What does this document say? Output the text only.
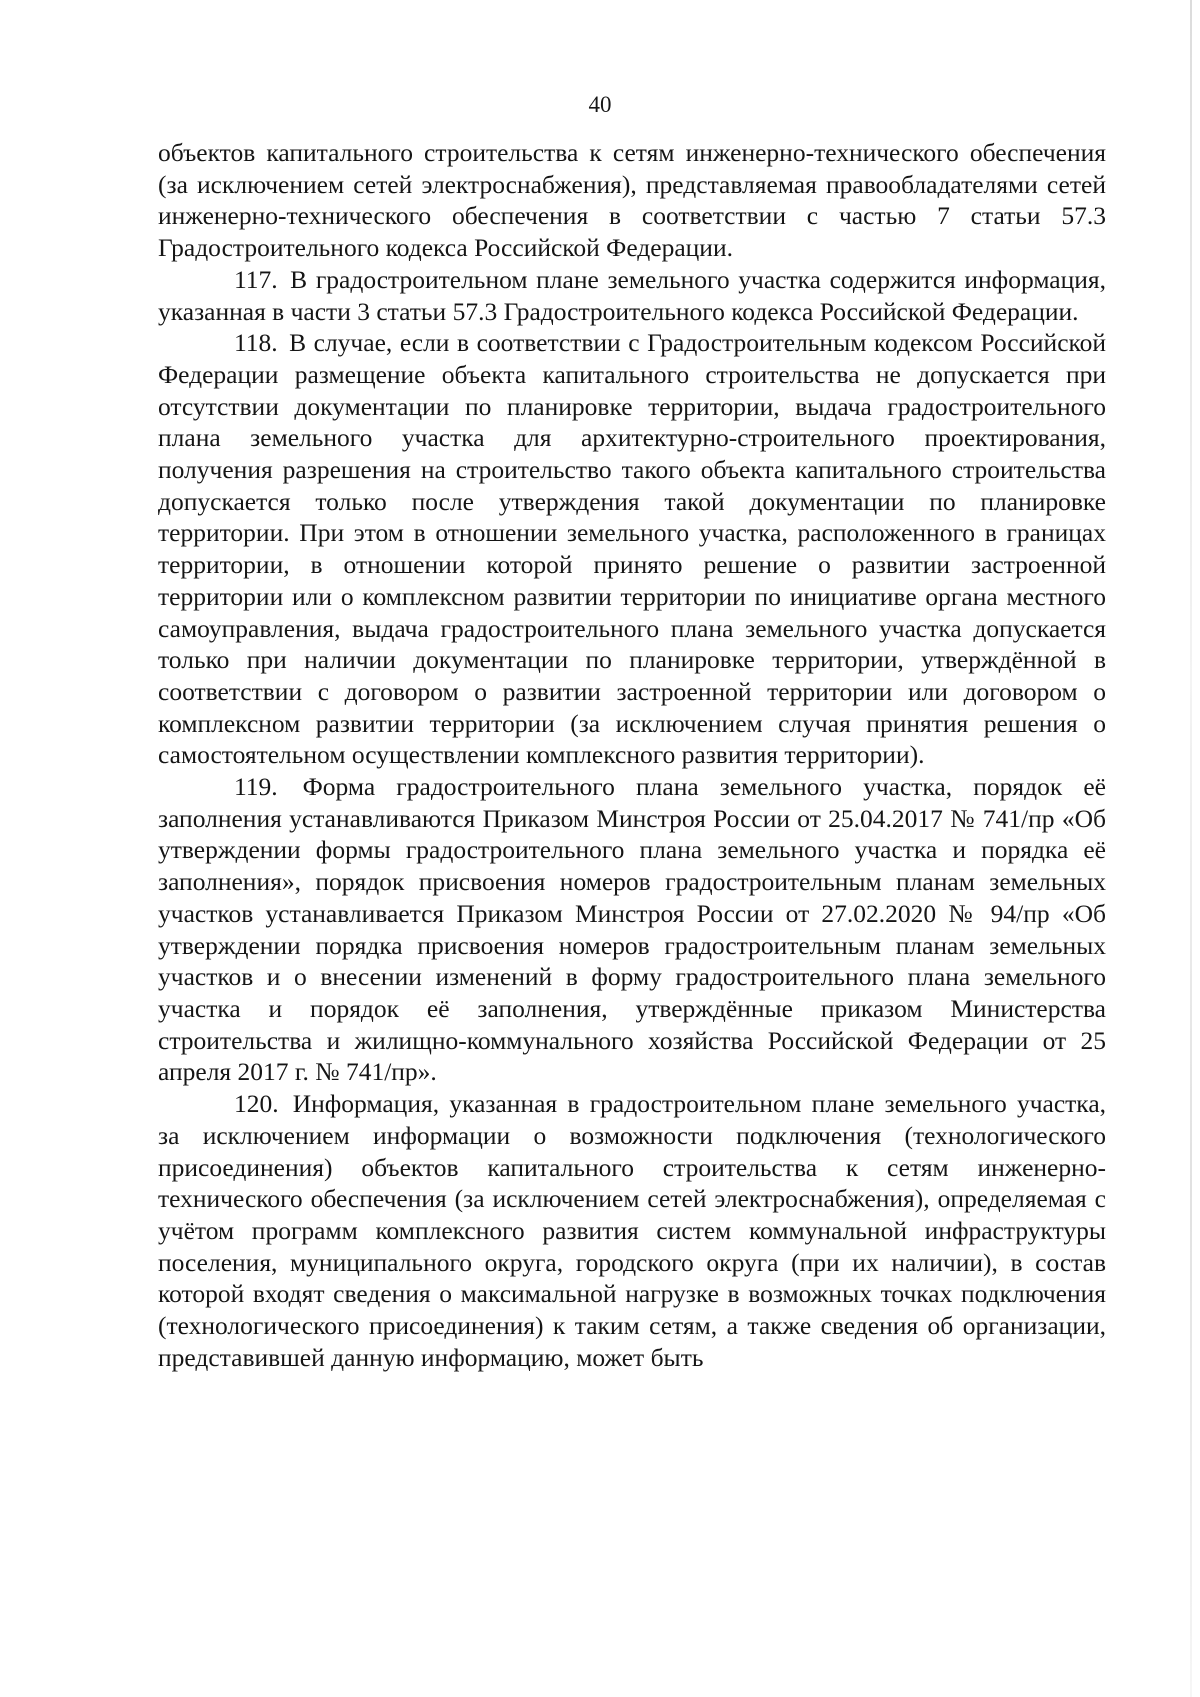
40

объектов капитального строительства к сетям инженерно-технического обеспечения (за исключением сетей электроснабжения), представляемая правообладателями сетей инженерно-технического обеспечения в соответствии с частью 7 статьи 57.3 Градостроительного кодекса Российской Федерации.

117. В градостроительном плане земельного участка содержится информация, указанная в части 3 статьи 57.3 Градостроительного кодекса Российской Федерации.

118. В случае, если в соответствии с Градостроительным кодексом Российской Федерации размещение объекта капитального строительства не допускается при отсутствии документации по планировке территории, выдача градостроительного плана земельного участка для архитектурно-строительного проектирования, получения разрешения на строительство такого объекта капитального строительства допускается только после утверждения такой документации по планировке территории. При этом в отношении земельного участка, расположенного в границах территории, в отношении которой принято решение о развитии застроенной территории или о комплексном развитии территории по инициативе органа местного самоуправления, выдача градостроительного плана земельного участка допускается только при наличии документации по планировке территории, утверждённой в соответствии с договором о развитии застроенной территории или договором о комплексном развитии территории (за исключением случая принятия решения о самостоятельном осуществлении комплексного развития территории).

119. Форма градостроительного плана земельного участка, порядок её заполнения устанавливаются Приказом Минстроя России от 25.04.2017 № 741/пр «Об утверждении формы градостроительного плана земельного участка и порядка её заполнения», порядок присвоения номеров градостроительным планам земельных участков устанавливается Приказом Минстроя России от 27.02.2020 № 94/пр «Об утверждении порядка присвоения номеров градостроительным планам земельных участков и о внесении изменений в форму градостроительного плана земельного участка и порядок её заполнения, утверждённые приказом Министерства строительства и жилищно-коммунального хозяйства Российской Федерации от 25 апреля 2017 г. № 741/пр».

120. Информация, указанная в градостроительном плане земельного участка, за исключением информации о возможности подключения (технологического присоединения) объектов капитального строительства к сетям инженерно-технического обеспечения (за исключением сетей электроснабжения), определяемая с учётом программ комплексного развития систем коммунальной инфраструктуры поселения, муниципального округа, городского округа (при их наличии), в состав которой входят сведения о максимальной нагрузке в возможных точках подключения (технологического присоединения) к таким сетям, а также сведения об организации, представившей данную информацию, может быть
